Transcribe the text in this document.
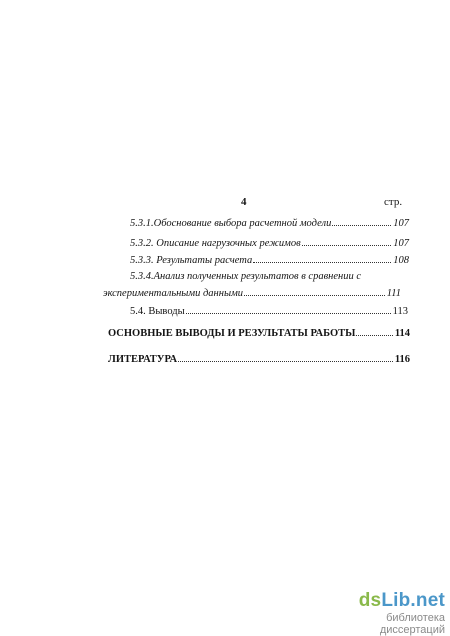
4	стр.
5.3.1.Обоснование выбора расчетной модели	107
5.3.2. Описание нагрузочных режимов	107
5.3.3. Результаты расчета	108
5.3.4.Анализ полученных результатов в сравнении с
экспериментальными данными	111
5.4. Выводы	113
ОСНОВНЫЕ ВЫВОДЫ И РЕЗУЛЬТАТЫ РАБОТЫ	114
ЛИТЕРАТУРА	116
dsLib.net
библиотека диссертаций
